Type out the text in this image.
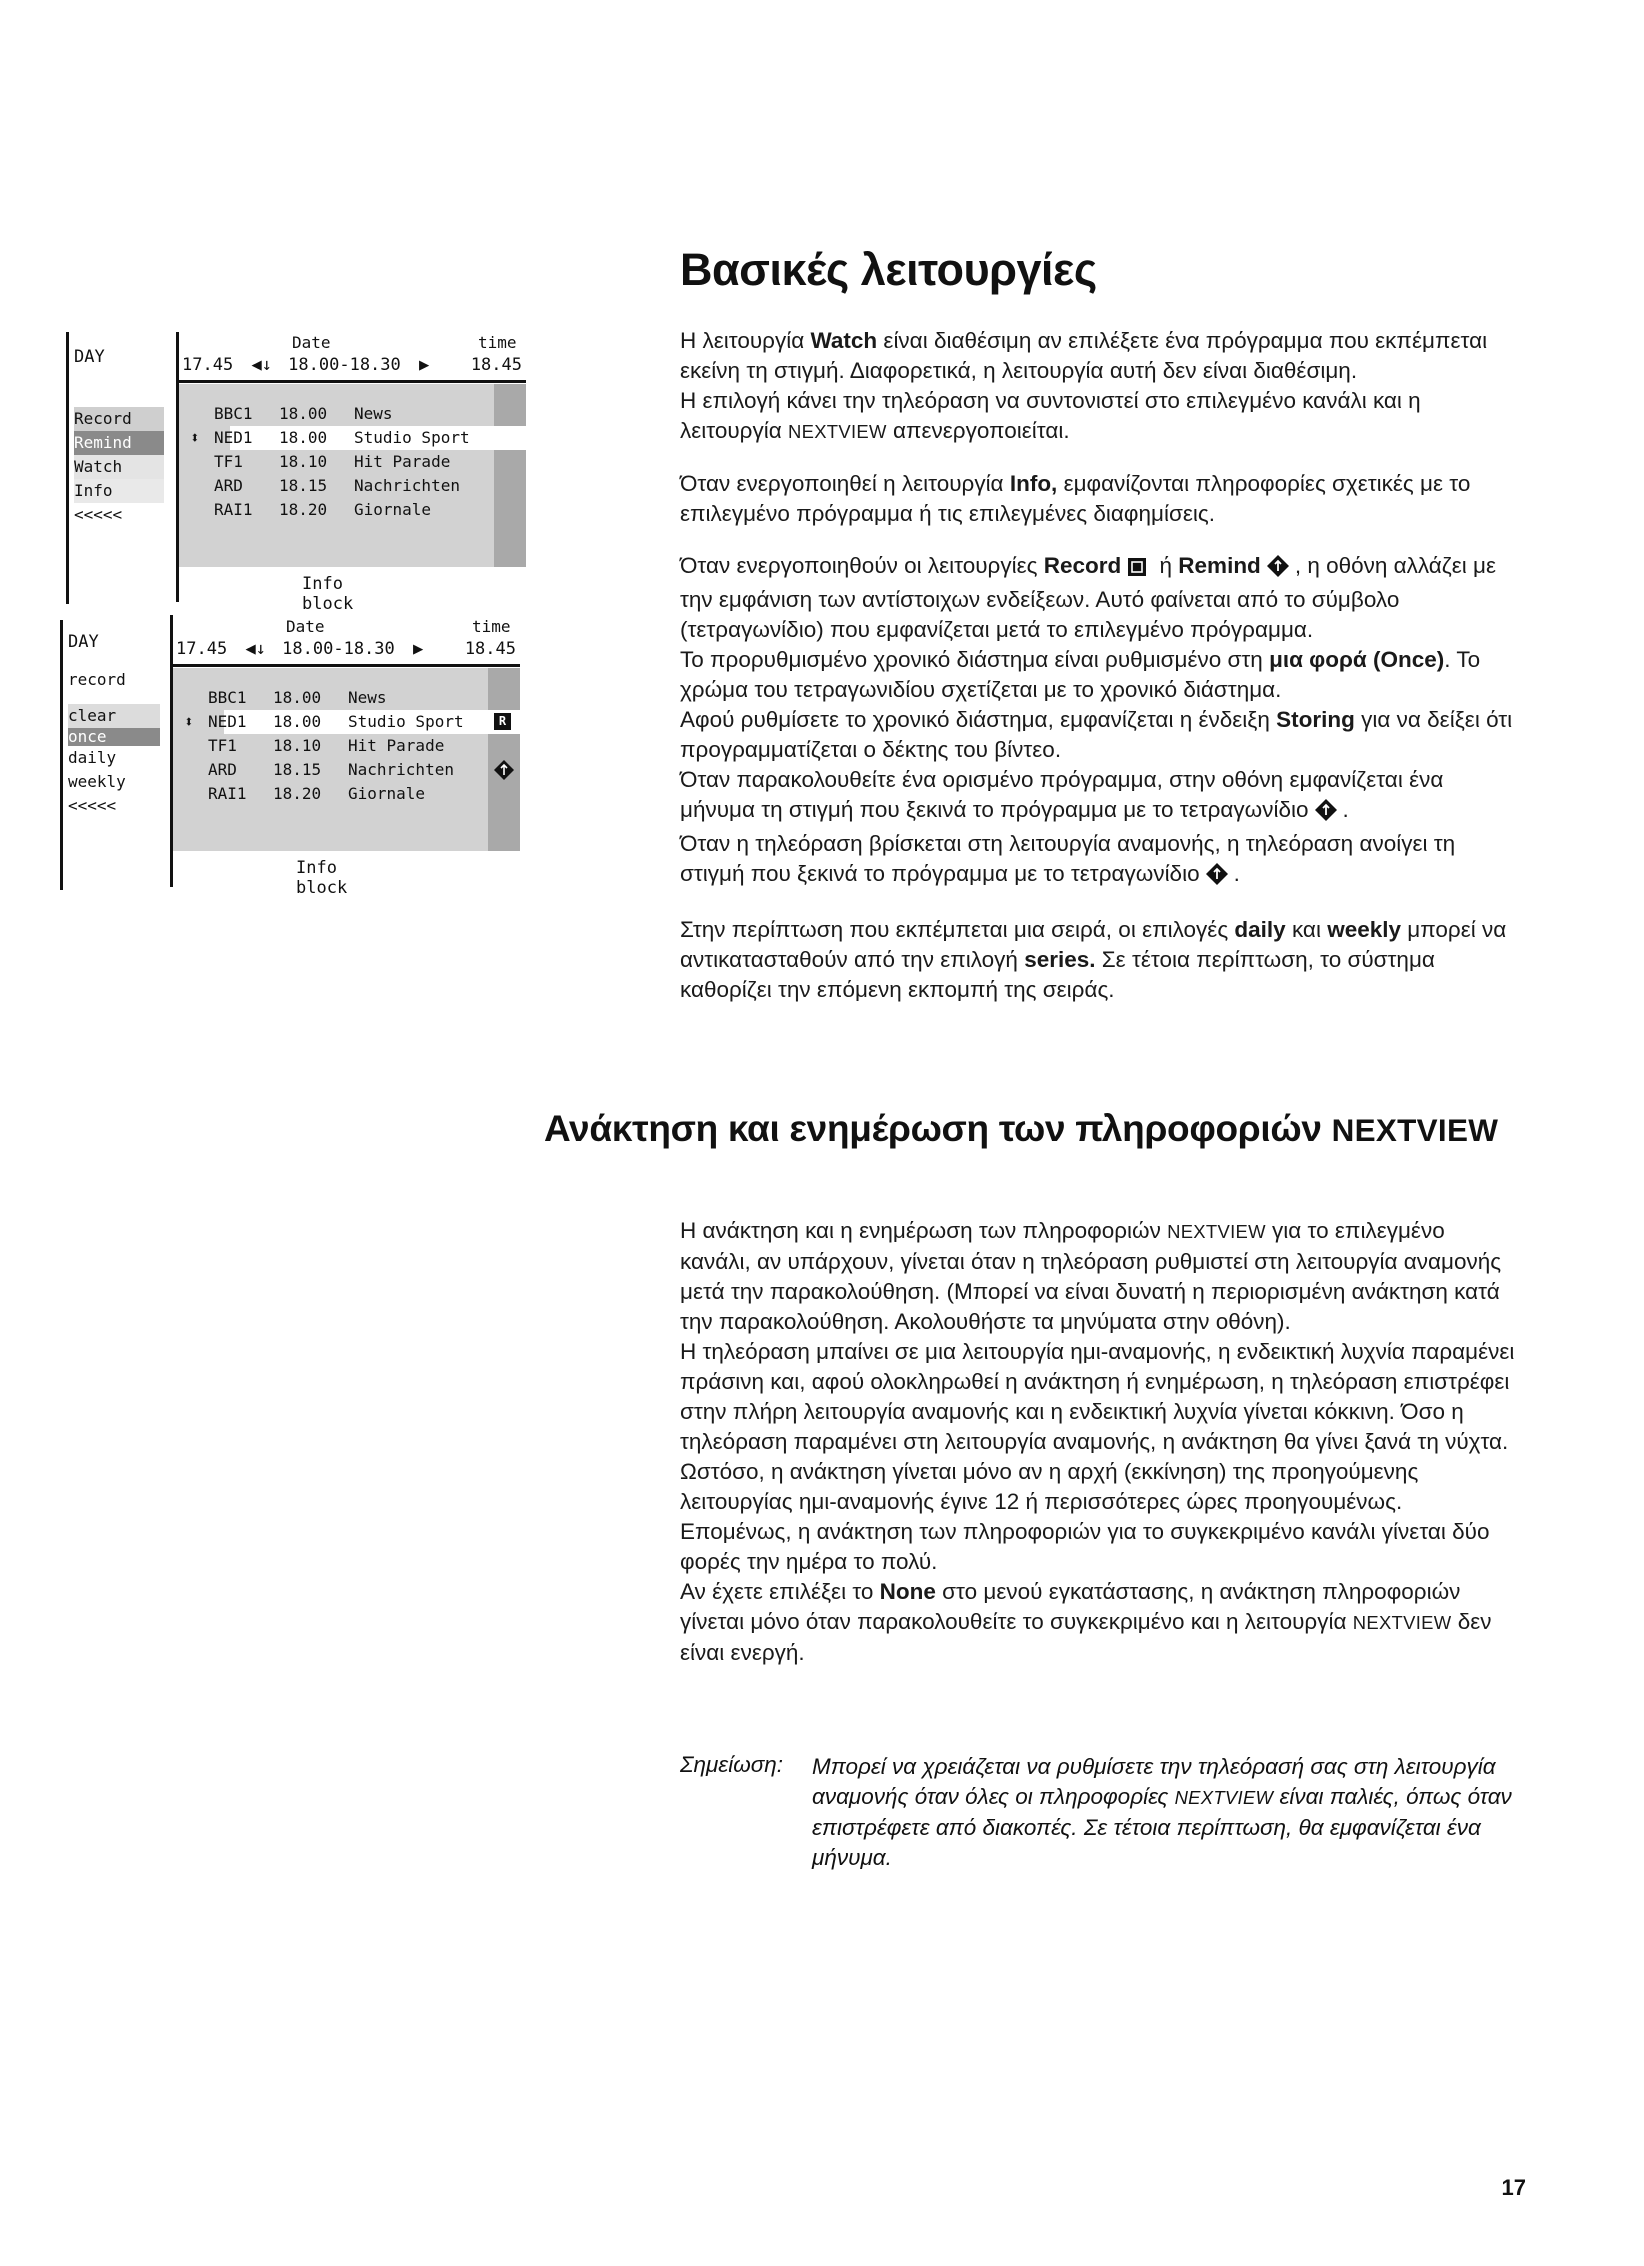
DAY
Record
Remind
Watch
Info
<<<<<
Date	time
17.45 ◀↓ 18.00-18.30 ▶ 18.45
BBC1 18.00 News
⬍ NED1 18.00 Studio Sport
TF1 18.10 Hit Parade
ARD 18.15 Nachrichten
RAI1 18.20 Giornale
Info block
DAY
record
clear
once
daily
weekly
<<<<<
Date	time
17.45 ◀↓ 18.00-18.30 ▶ 18.45
BBC1 18.00 News
⬍ NED1 18.00 Studio Sport	R
TF1 18.10 Hit Parade
ARD 18.15 Nachrichten
RAI1 18.20 Giornale
Info block
Βασικές λειτουργίες

Η λειτουργία Watch είναι διαθέσιμη αν επιλέξετε ένα πρόγραμμα που εκπέμπεται εκείνη τη στιγμή. Διαφορετικά, η λειτουργία αυτή δεν είναι διαθέσιμη.
Η επιλογή κάνει την τηλεόραση να συντονιστεί στο επιλεγμένο κανάλι και η λειτουργία NEXTVIEW απενεργοποιείται.

Όταν ενεργοποιηθεί η λειτουργία Info, εμφανίζονται πληροφορίες σχετικές με το επιλεγμένο πρόγραμμα ή τις επιλεγμένες διαφημίσεις.

Όταν ενεργοποιηθούν οι λειτουργίες Record ή Remind , η οθόνη αλλάζει με την εμφάνιση των αντίστοιχων ενδείξεων. Αυτό φαίνεται από το σύμβολο (τετραγωνίδιο) που εμφανίζεται μετά το επιλεγμένο πρόγραμμα.
Το προρυθμισμένο χρονικό διάστημα είναι ρυθμισμένο στη μια φορά (Once). Το χρώμα του τετραγωνιδίου σχετίζεται με το χρονικό διάστημα.
Αφού ρυθμίσετε το χρονικό διάστημα, εμφανίζεται η ένδειξη Storing για να δείξει ότι προγραμματίζεται ο δέκτης του βίντεο.
Όταν παρακολουθείτε ένα ορισμένο πρόγραμμα, στην οθόνη εμφανίζεται ένα μήνυμα τη στιγμή που ξεκινά το πρόγραμμα με το τετραγωνίδιο .
Όταν η τηλεόραση βρίσκεται στη λειτουργία αναμονής, η τηλεόραση ανοίγει τη στιγμή που ξεκινά το πρόγραμμα με το τετραγωνίδιο .

Στην περίπτωση που εκπέμπεται μια σειρά, οι επιλογές daily και weekly μπορεί να αντικατασταθούν από την επιλογή series. Σε τέτοια περίπτωση, το σύστημα καθορίζει την επόμενη εκπομπή της σειράς.

Ανάκτηση και ενημέρωση των πληροφοριών NEXTVIEW

Η ανάκτηση και η ενημέρωση των πληροφοριών NEXTVIEW για το επιλεγμένο κανάλι, αν υπάρχουν, γίνεται όταν η τηλεόραση ρυθμιστεί στη λειτουργία αναμονής μετά την παρακολούθηση. (Μπορεί να είναι δυνατή η περιορισμένη ανάκτηση κατά την παρακολούθηση. Ακολουθήστε τα μηνύματα στην οθόνη).
Η τηλεόραση μπαίνει σε μια λειτουργία ημι-αναμονής, η ενδεικτική λυχνία παραμένει πράσινη και, αφού ολοκληρωθεί η ανάκτηση ή ενημέρωση, η τηλεόραση επιστρέφει στην πλήρη λειτουργία αναμονής και η ενδεικτική λυχνία γίνεται κόκκινη. Όσο η τηλεόραση παραμένει στη λειτουργία αναμονής, η ανάκτηση θα γίνει ξανά τη νύχτα.
Ωστόσο, η ανάκτηση γίνεται μόνο αν η αρχή (εκκίνηση) της προηγούμενης λειτουργίας ημι-αναμονής έγινε 12 ή περισσότερες ώρες προηγουμένως. Επομένως, η ανάκτηση των πληροφοριών για το συγκεκριμένο κανάλι γίνεται δύο φορές την ημέρα το πολύ.
Αν έχετε επιλέξει το None στο μενού εγκατάστασης, η ανάκτηση πληροφοριών γίνεται μόνο όταν παρακολουθείτε το συγκεκριμένο και η λειτουργία NEXTVIEW δεν είναι ενεργή.

Σημείωση: Μπορεί να χρειάζεται να ρυθμίσετε την τηλεόρασή σας στη λειτουργία αναμονής όταν όλες οι πληροφορίες NEXTVIEW είναι παλιές, όπως όταν επιστρέφετε από διακοπές. Σε τέτοια περίπτωση, θα εμφανίζεται ένα μήνυμα.
17
